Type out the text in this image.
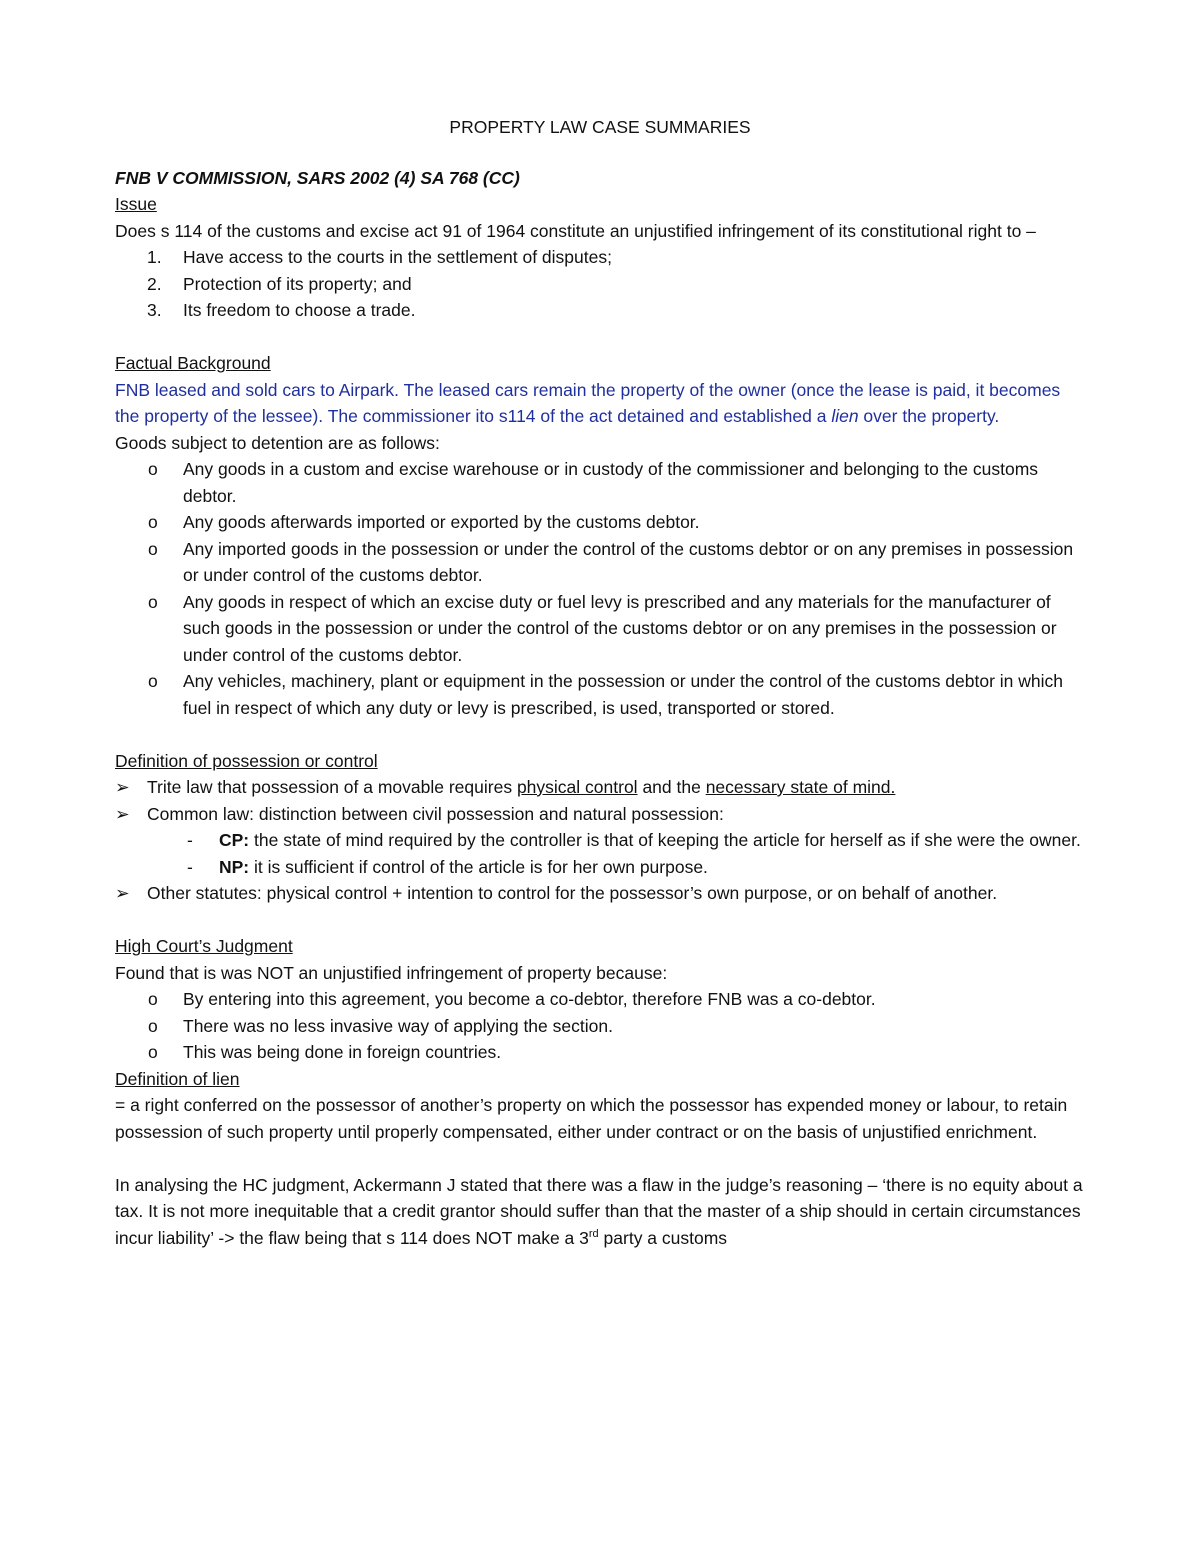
PROPERTY LAW CASE SUMMARIES

FNB V COMMISSION, SARS 2002 (4) SA 768 (CC)

Issue

Does s 114 of the customs and excise act 91 of 1964 constitute an unjustified infringement of its constitutional right to –

1. Have access to the courts in the settlement of disputes;
2. Protection of its property; and
3. Its freedom to choose a trade.

Factual Background

FNB leased and sold cars to Airpark. The leased cars remain the property of the owner (once the lease is paid, it becomes the property of the lessee). The commissioner ito s114 of the act detained and established a lien over the property.

Goods subject to detention are as follows:

o Any goods in a custom and excise warehouse or in custody of the commissioner and belonging to the customs debtor.
o Any goods afterwards imported or exported by the customs debtor.
o Any imported goods in the possession or under the control of the customs debtor or on any premises in possession or under control of the customs debtor.
o Any goods in respect of which an excise duty or fuel levy is prescribed and any materials for the manufacturer of such goods in the possession or under the control of the customs debtor or on any premises in the possession or under control of the customs debtor.
o Any vehicles, machinery, plant or equipment in the possession or under the control of the customs debtor in which fuel in respect of which any duty or levy is prescribed, is used, transported or stored.

Definition of possession or control

➢ Trite law that possession of a movable requires physical control and the necessary state of mind.
➢ Common law: distinction between civil possession and natural possession:
- CP: the state of mind required by the controller is that of keeping the article for herself as if she were the owner.
- NP: it is sufficient if control of the article is for her own purpose.
➢ Other statutes: physical control + intention to control for the possessor’s own purpose, or on behalf of another.

High Court’s Judgment

Found that is was NOT an unjustified infringement of property because:

o By entering into this agreement, you become a co-debtor, therefore FNB was a co-debtor.
o There was no less invasive way of applying the section.
o This was being done in foreign countries.

Definition of lien

= a right conferred on the possessor of another’s property on which the possessor has expended money or labour, to retain possession of such property until properly compensated, either under contract or on the basis of unjustified enrichment.

In analysing the HC judgment, Ackermann J stated that there was a flaw in the judge’s reasoning – ‘there is no equity about a tax. It is not more inequitable that a credit grantor should suffer than that the master of a ship should in certain circumstances incur liability’ -> the flaw being that s 114 does NOT make a 3rd party a customs
